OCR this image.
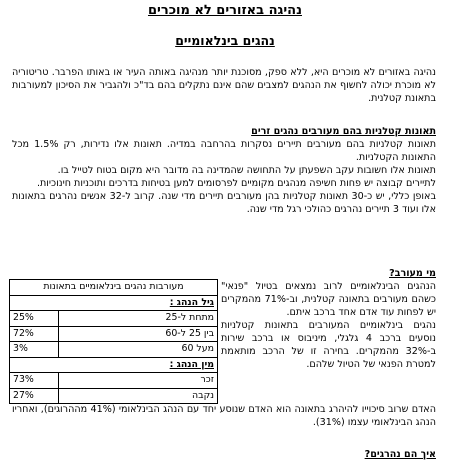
נהיגה באזורים לא מוכרים
נהגים בינלאומיים
נהיגה באזורים לא מוכרים היא, ללא ספק, מסוכנת יותר מנהיגה באותה העיר או באותו הפרבר. טריטוריה לא מוכרת יכולה לחשוף את הנהגים למצבים שהם אינם נתקלים בהם בד"כ ולהגביר את הסיכון למעורבות בתאונת קטלנית.
תאונות קטלניות בהם מעורבים נהגים זרים

תאונות קטלניות בהם מעורבים תיירים נסקרות בהרחבה במדיה. תאונות אלו נדירות, רק 1.5% מכל התאונות הקטלניות.

תאונות אלו חשובות עקב השפעתן על התחושה שהמדינה בה מדובר היא מקום בטוח לטייל בו.

לתיירים קבוצה יש פחות חשיפה מנהגים מקומיים לפרסומים למען בטיחות בדרכים ותוכניות חינוכיות.

באופן כללי, יש כ-30 תאונות קטלניות בהן מעורבים תיירים מדי שנה. קרוב ל-32 אנשים נהרגים בתאונות אלו ועוד 3 תיירים נהרגים כהולכי רגל מדי שנה.

מי מעורב?

הנהגים הבינלאומיים לרוב נמצאים בטיול "פנאי" כשהם מעורבים בתאונה קטלנית, וב-71% מהמקרים יש לפחות עוד אדם אחד ברכב איתם.

נהגים בינלאומיים המעורבים בתאונות קטלניות נוסעים ברכב 4 גלגלי, מיניבוס או ברכב שירות ב-32% מהמקרים. בחירה זו של הרכב מותאמת למטרת הפנאי של הטיול שלהם.

מעורבות נהגים בינלאומיים בתאונות	
גיל הנהג :	
מתחת ל-25	25%
בין 25 ל-60	72%
מעל 60	3%
מין הנהג :	
זכר	73%
נקבה	27%
האדם שרוב סיכוייו להיהרג בתאונה הוא האדם שנוסע יחד עם הנהג הבינלאומי (41% מההרוגים), ואחריו הנהג הבינלאומי עצמו (31%).
איך הם נהרגים?
